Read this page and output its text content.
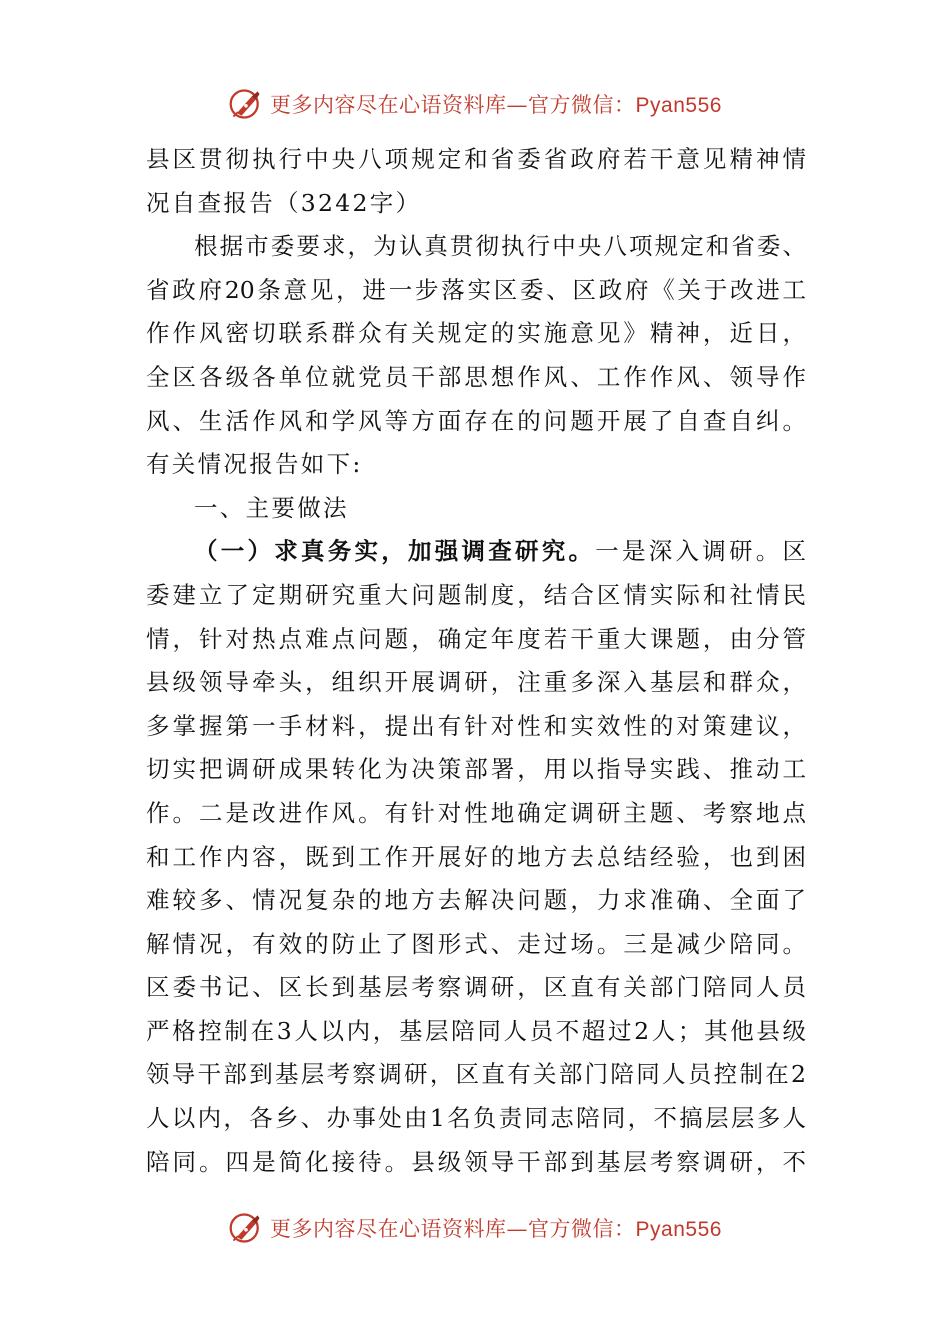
更多内容尽在心语资料库—官方微信：Pyan556
县区贯彻执行中央八项规定和省委省政府若干意见精神情
况自查报告（3242字）
根据市委要求，为认真贯彻执行中央八项规定和省委、
省政府20条意见，进一步落实区委、区政府《关于改进工
作作风密切联系群众有关规定的实施意见》精神，近日，
全区各级各单位就党员干部思想作风、工作作风、领导作
风、生活作风和学风等方面存在的问题开展了自查自纠。
有关情况报告如下:
一、主要做法
（一）求真务实，加强调查研究。一是深入调研。区
委建立了定期研究重大问题制度，结合区情实际和社情民
情，针对热点难点问题，确定年度若干重大课题，由分管
县级领导牵头，组织开展调研，注重多深入基层和群众，
多掌握第一手材料，提出有针对性和实效性的对策建议，
切实把调研成果转化为决策部署，用以指导实践、推动工
作。二是改进作风。有针对性地确定调研主题、考察地点
和工作内容，既到工作开展好的地方去总结经验，也到困
难较多、情况复杂的地方去解决问题，力求准确、全面了
解情况，有效的防止了图形式、走过场。三是减少陪同。
区委书记、区长到基层考察调研，区直有关部门陪同人员
严格控制在3人以内，基层陪同人员不超过2人；其他县级
领导干部到基层考察调研，区直有关部门陪同人员控制在2
人以内，各乡、办事处由1名负责同志陪同，不搞层层多人
陪同。四是简化接待。县级领导干部到基层考察调研，不
更多内容尽在心语资料库—官方微信：Pyan556
